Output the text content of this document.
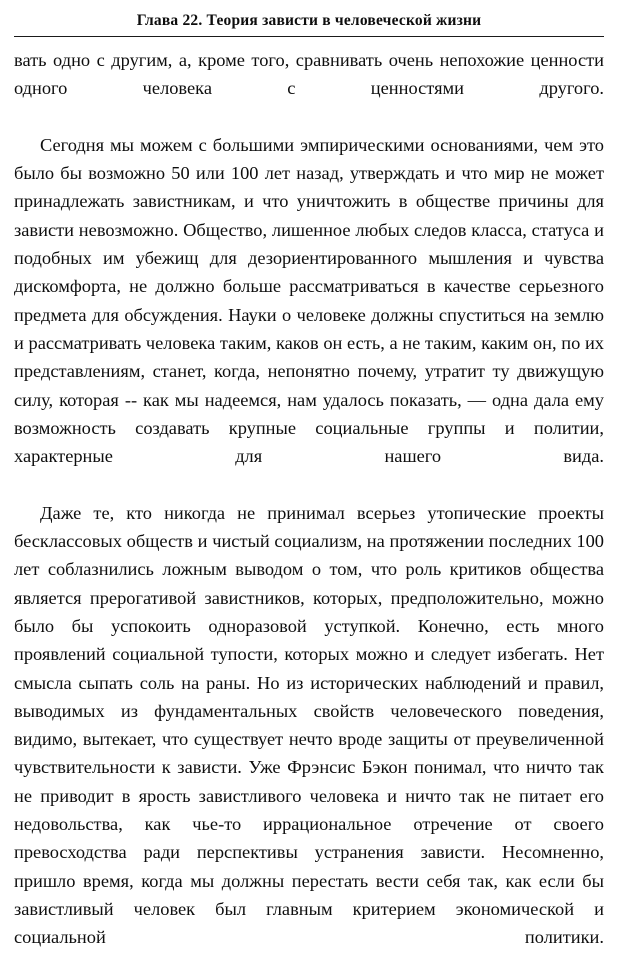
Глава 22. Теория зависти в человеческой жизни

вать одно с другим, а, кроме того, сравнивать очень непохожие ценности одного человека с ценностями другого.

Сегодня мы можем с большими эмпирическими основаниями, чем это было бы возможно 50 или 100 лет назад, утверждать и что мир не может принадлежать завистникам, и что уничтожить в обществе причины для зависти невозможно. Общество, лишенное любых следов класса, статуса и подобных им убежищ для дезориентированного мышления и чувства дискомфорта, не должно больше рассматриваться в качестве серьезного предмета для обсуждения. Науки о человеке должны спуститься на землю и рассматривать человека таким, каков он есть, а не таким, каким он, по их представлениям, станет, когда, непонятно почему, утратит ту движущую силу, которая -- как мы надеемся, нам удалось показать, — одна дала ему возможность создавать крупные социальные группы и политии, характерные для нашего вида.

Даже те, кто никогда не принимал всерьез утопические проекты бесклассовых обществ и чистый социализм, на протяжении последних 100 лет соблазнились ложным выводом о том, что роль критиков общества является прерогативой завистников, которых, предположительно, можно было бы успокоить одноразовой уступкой. Конечно, есть много проявлений социальной тупости, которых можно и следует избегать. Нет смысла сыпать соль на раны. Но из исторических наблюдений и правил, выводимых из фундаментальных свойств человеческого поведения, видимо, вытекает, что существует нечто вроде защиты от преувеличенной чувствительности к зависти. Уже Фрэнсис Бэкон понимал, что ничто так не приводит в ярость завистливого человека и ничто так не питает его недовольства, как чье-то иррациональное отречение от своего превосходства ради перспективы устранения зависти. Несомненно, пришло время, когда мы должны перестать вести себя так, как если бы завистливый человек был главным критерием экономической и социальной политики.
